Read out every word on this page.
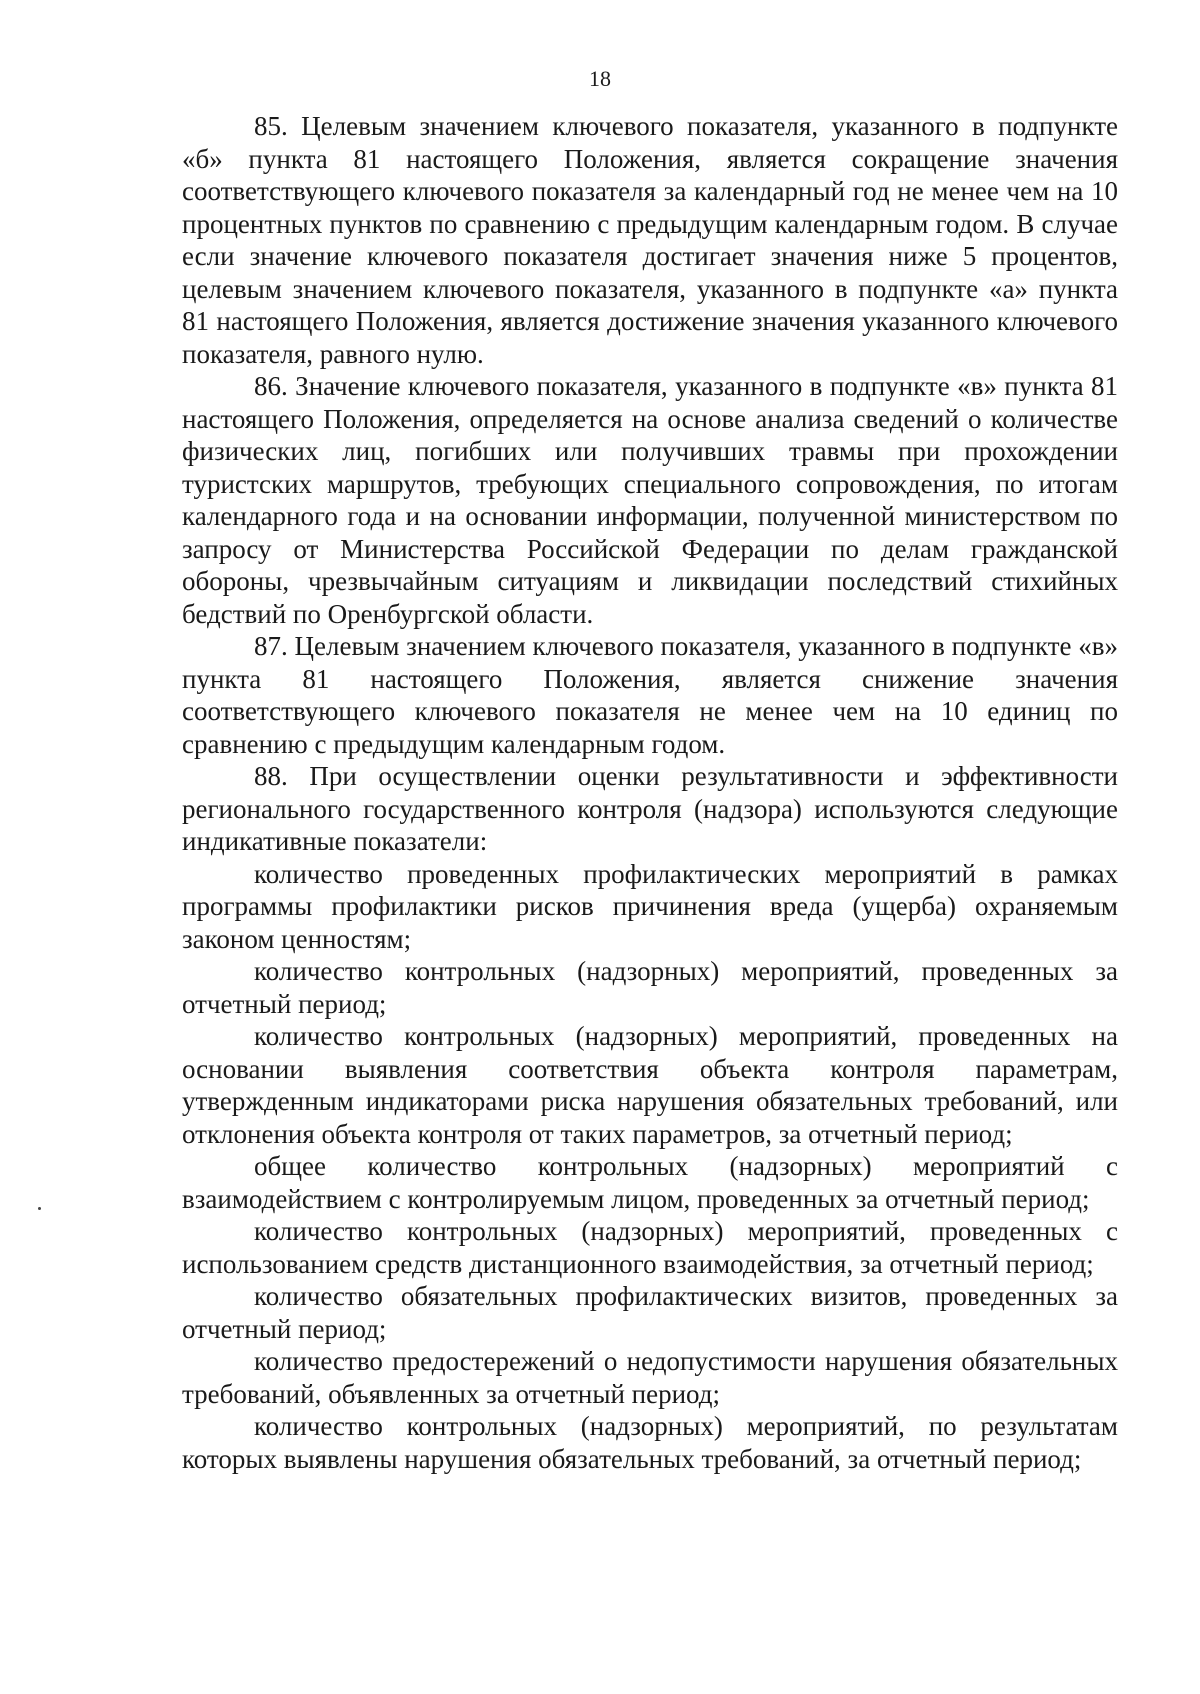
18

85. Целевым значением ключевого показателя, указанного в подпункте «б» пункта 81 настоящего Положения, является сокращение значения соответствующего ключевого показателя за календарный год не менее чем на 10 процентных пунктов по сравнению с предыдущим календарным годом. В случае если значение ключевого показателя достигает значения ниже 5 процентов, целевым значением ключевого показателя, указанного в подпункте «а» пункта 81 настоящего Положения, является достижение значения указанного ключевого показателя, равного нулю.

86. Значение ключевого показателя, указанного в подпункте «в» пункта 81 настоящего Положения, определяется на основе анализа сведений о количестве физических лиц, погибших или получивших травмы при прохождении туристских маршрутов, требующих специального сопровождения, по итогам календарного года и на основании информации, полученной министерством по запросу от Министерства Российской Федерации по делам гражданской обороны, чрезвычайным ситуациям и ликвидации последствий стихийных бедствий по Оренбургской области.

87. Целевым значением ключевого показателя, указанного в подпункте «в» пункта 81 настоящего Положения, является снижение значения соответствующего ключевого показателя не менее чем на 10 единиц по сравнению с предыдущим календарным годом.

88. При осуществлении оценки результативности и эффективности регионального государственного контроля (надзора) используются следующие индикативные показатели:

количество проведенных профилактических мероприятий в рамках программы профилактики рисков причинения вреда (ущерба) охраняемым законом ценностям;

количество контрольных (надзорных) мероприятий, проведенных за отчетный период;

количество контрольных (надзорных) мероприятий, проведенных на основании выявления соответствия объекта контроля параметрам, утвержденным индикаторами риска нарушения обязательных требований, или отклонения объекта контроля от таких параметров, за отчетный период;

общее количество контрольных (надзорных) мероприятий с взаимодействием с контролируемым лицом, проведенных за отчетный период;

количество контрольных (надзорных) мероприятий, проведенных с использованием средств дистанционного взаимодействия, за отчетный период;

количество обязательных профилактических визитов, проведенных за отчетный период;

количество предостережений о недопустимости нарушения обязательных требований, объявленных за отчетный период;

количество контрольных (надзорных) мероприятий, по результатам которых выявлены нарушения обязательных требований, за отчетный период;
